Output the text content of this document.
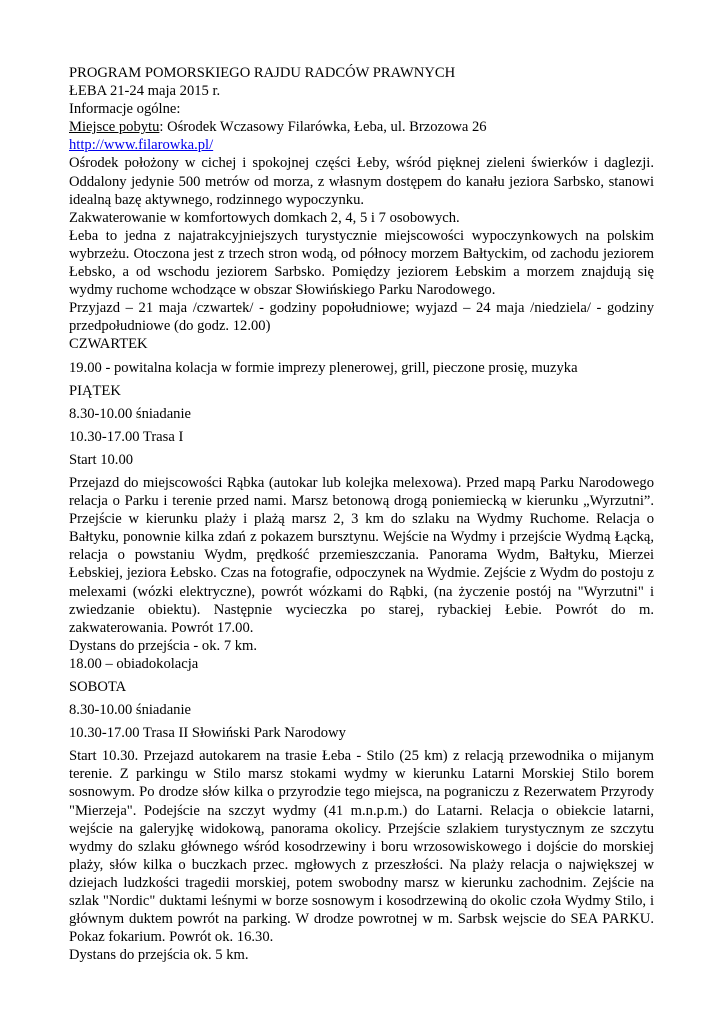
PROGRAM POMORSKIEGO RAJDU RADCÓW PRAWNYCH
ŁEBA 21-24 maja 2015 r.
Informacje ogólne:
Miejsce pobytu: Ośrodek Wczasowy Filarówka, Łeba, ul. Brzozowa 26
http://www.filarowka.pl/

Ośrodek położony w cichej i spokojnej części Łeby, wśród pięknej zieleni świerków i daglezji. Oddalony jedynie 500 metrów od morza, z własnym dostępem do kanału jeziora Sarbsko, stanowi idealną bazę aktywnego, rodzinnego wypoczynku.

Zakwaterowanie w komfortowych domkach 2, 4, 5 i 7 osobowych.

Łeba to jedna z najatrakcyjniejszych turystycznie miejscowości wypoczynkowych na polskim wybrzeżu. Otoczona jest z trzech stron wodą, od północy morzem Bałtyckim, od zachodu jeziorem Łebsko, a od wschodu jeziorem Sarbsko. Pomiędzy jeziorem Łebskim a morzem znajdują się wydmy ruchome wchodzące w obszar Słowińskiego Parku Narodowego.

Przyjazd – 21 maja /czwartek/ - godziny popołudniowe; wyjazd – 24 maja /niedziela/ - godziny przedpołudniowe (do godz. 12.00)

CZWARTEK
19.00 - powitalna kolacja w formie imprezy plenerowej, grill, pieczone prosię, muzyka
PIĄTEK
8.30-10.00 śniadanie
10.30-17.00 Trasa I
Start 10.00

Przejazd do miejscowości Rąbka (autokar lub kolejka melexowa). Przed mapą Parku Narodowego relacja o Parku i terenie przed nami. Marsz betonową drogą poniemiecką w kierunku „Wyrzutni”. Przejście w kierunku plaży i plażą marsz 2, 3 km do szlaku na Wydmy Ruchome. Relacja o Bałtyku, ponownie kilka zdań z pokazem bursztynu. Wejście na Wydmy i przejście Wydmą Łącką, relacja o powstaniu Wydm, prędkość przemieszczania. Panorama Wydm, Bałtyku, Mierzei Łebskiej, jeziora Łebsko. Czas na fotografie, odpoczynek na Wydmie. Zejście z Wydm do postoju z melexami (wózki elektryczne), powrót wózkami do Rąbki, (na życzenie postój na "Wyrzutni" i zwiedzanie obiektu). Następnie wycieczka po starej, rybackiej Łebie. Powrót do m. zakwaterowania. Powrót 17.00.

Dystans do przejścia - ok. 7 km.
18.00 – obiadokolacja
SOBOTA
8.30-10.00 śniadanie
10.30-17.00 Trasa II Słowiński Park Narodowy

Start 10.30. Przejazd autokarem na trasie Łeba - Stilo (25 km) z relacją przewodnika o mijanym terenie. Z parkingu w Stilo marsz stokami wydmy w kierunku Latarni Morskiej Stilo borem sosnowym. Po drodze słów kilka o przyrodzie tego miejsca, na pograniczu z Rezerwatem Przyrody "Mierzeja". Podejście na szczyt wydmy (41 m.n.p.m.) do Latarni. Relacja o obiekcie latarni, wejście na galeryjkę widokową, panorama okolicy. Przejście szlakiem turystycznym ze szczytu wydmy do szlaku głównego wśród kosodrzewiny i boru wrzosowiskowego i dojście do morskiej plaży, słów kilka o buczkach przec. mgłowych z przeszłości. Na plaży relacja o największej w dziejach ludzkości tragedii morskiej, potem swobodny marsz w kierunku zachodnim. Zejście na szlak "Nordic" duktami leśnymi w borze sosnowym i kosodrzewiną do okolic czoła Wydmy Stilo, i głównym duktem powrót na parking. W drodze powrotnej w m. Sarbsk wejscie do SEA PARKU. Pokaz fokarium. Powrót ok. 16.30.

Dystans do przejścia ok. 5 km.
